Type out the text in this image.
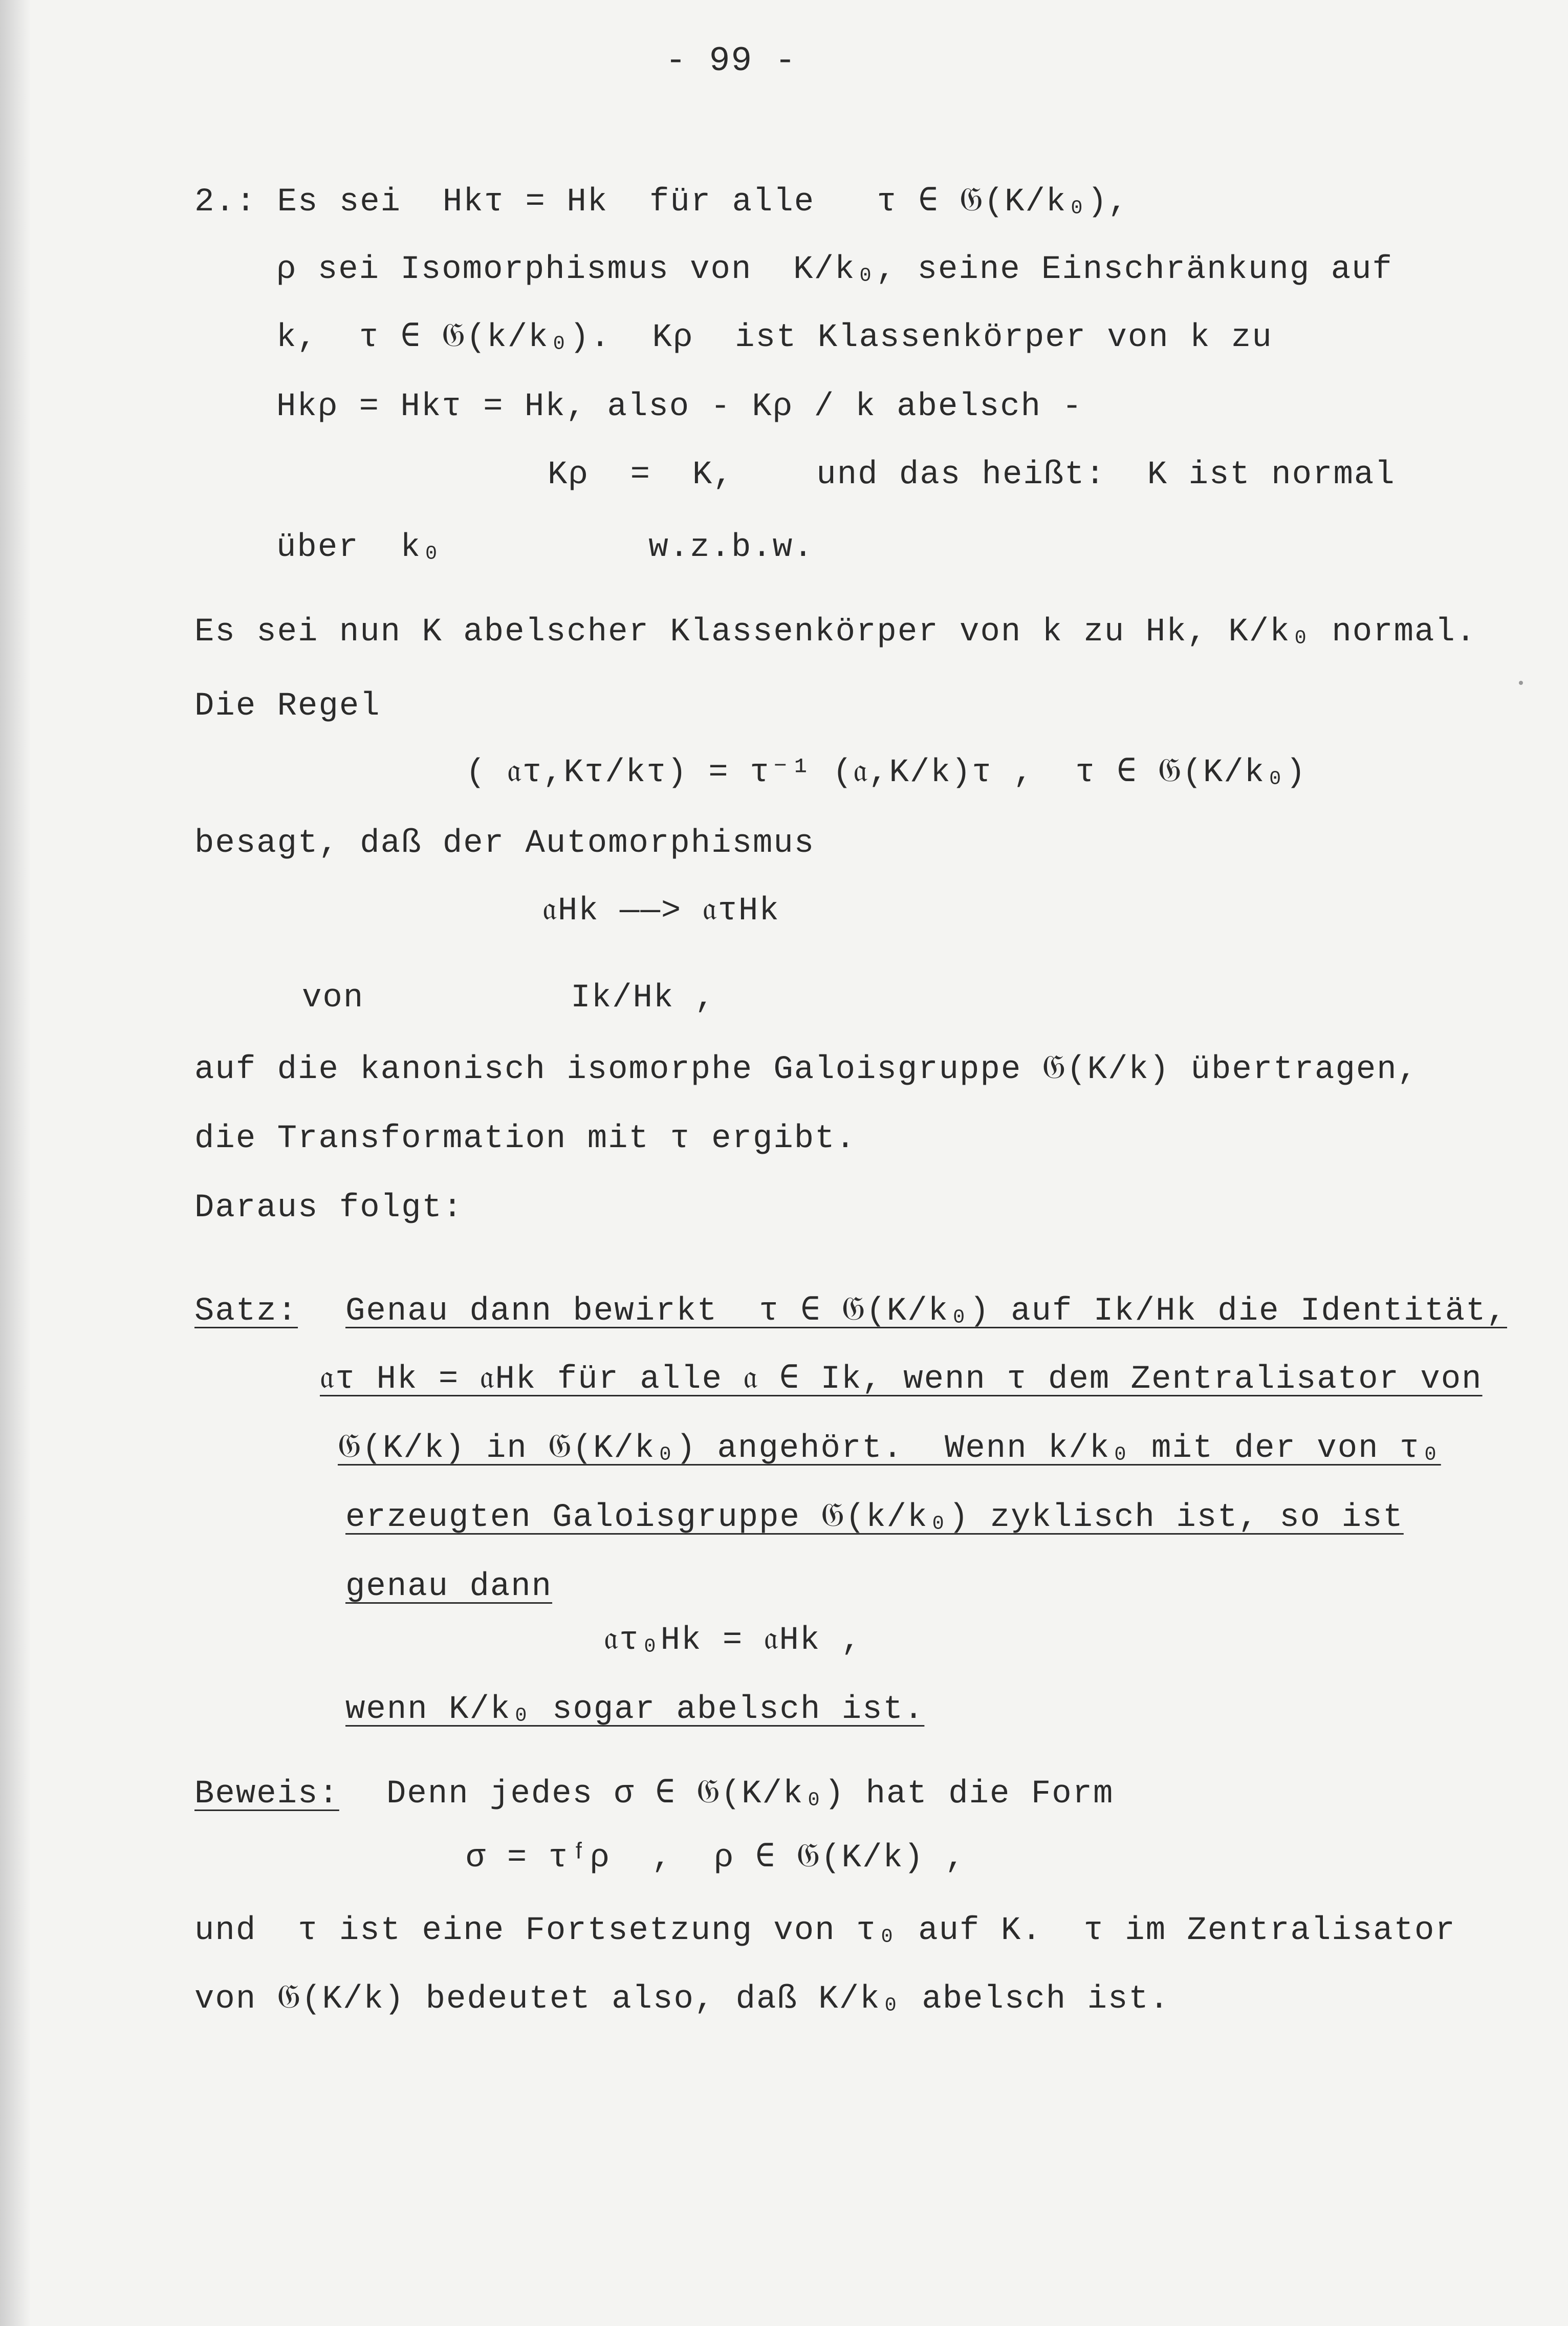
- 99 -
2.: Es sei  Hkτ = Hk  für alle   τ ∈ 𝔊(K/k₀),
ρ sei Isomorphismus von  K/k₀, seine Einschränkung auf
k,  τ ∈ 𝔊(k/k₀).  Kρ  ist Klassenkörper von k zu
Hkρ = Hkτ = Hk, also - Kρ / k abelsch -
Kρ  =  K,    und das heißt:  K ist normal
über  k₀          w.z.b.w.
Es sei nun K abelscher Klassenkörper von k zu Hk, K/k₀ normal.
Die Regel
( 𝔞τ,Kτ/kτ) = τ⁻¹ (𝔞,K/k)τ ,  τ ∈ 𝔊(K/k₀)
besagt, daß der Automorphismus
𝔞Hk ——> 𝔞τHk
von          Ik/Hk ,
auf die kanonisch isomorphe Galoisgruppe 𝔊(K/k) übertragen,
die Transformation mit τ ergibt.
Daraus folgt:
Satz: Genau dann bewirkt  τ ∈ 𝔊(K/k₀) auf Ik/Hk die Identität,
𝔞τ Hk = 𝔞Hk für alle 𝔞 ∈ Ik, wenn τ dem Zentralisator von
𝔊(K/k) in 𝔊(K/k₀) angehört.  Wenn k/k₀ mit der von τ₀
erzeugten Galoisgruppe 𝔊(k/k₀) zyklisch ist, so ist
genau dann
𝔞τ₀Hk = 𝔞Hk ,
wenn K/k₀ sogar abelsch ist.
Beweis: Denn jedes σ ∈ 𝔊(K/k₀) hat die Form
σ = τᶠρ  ,  ρ ∈ 𝔊(K/k) ,
und  τ ist eine Fortsetzung von τ₀ auf K.  τ im Zentralisator
von 𝔊(K/k) bedeutet also, daß K/k₀ abelsch ist.
